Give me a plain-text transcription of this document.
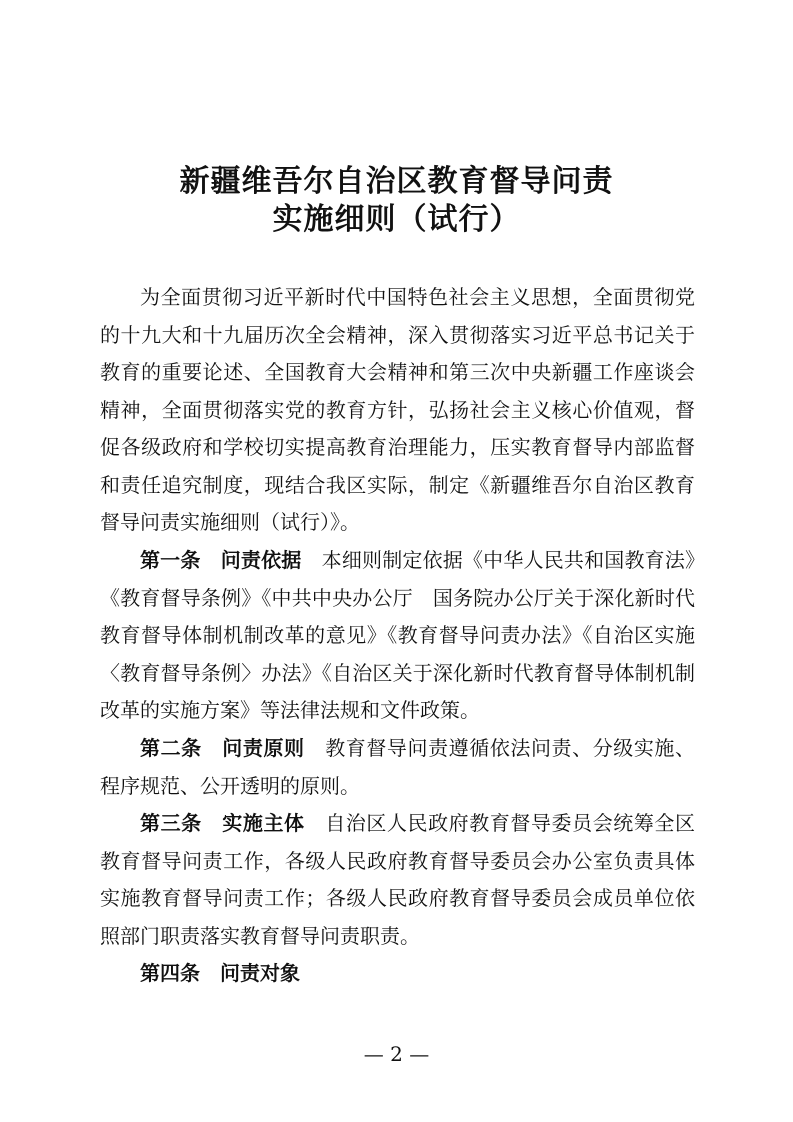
新疆维吾尔自治区教育督导问责
实施细则（试行）

为全面贯彻习近平新时代中国特色社会主义思想，全面贯彻党的十九大和十九届历次全会精神，深入贯彻落实习近平总书记关于教育的重要论述、全国教育大会精神和第三次中央新疆工作座谈会精神，全面贯彻落实党的教育方针，弘扬社会主义核心价值观，督促各级政府和学校切实提高教育治理能力，压实教育督导内部监督和责任追究制度，现结合我区实际，制定《新疆维吾尔自治区教育督导问责实施细则（试行）》。

第一条 问责依据 本细则制定依据《中华人民共和国教育法》《教育督导条例》《中共中央办公厅　国务院办公厅关于深化新时代教育督导体制机制改革的意见》《教育督导问责办法》《自治区实施〈教育督导条例〉办法》《自治区关于深化新时代教育督导体制机制改革的实施方案》等法律法规和文件政策。

第二条 问责原则 教育督导问责遵循依法问责、分级实施、程序规范、公开透明的原则。

第三条 实施主体 自治区人民政府教育督导委员会统筹全区教育督导问责工作，各级人民政府教育督导委员会办公室负责具体实施教育督导问责工作；各级人民政府教育督导委员会成员单位依照部门职责落实教育督导问责职责。

第四条 问责对象

— 2 —
